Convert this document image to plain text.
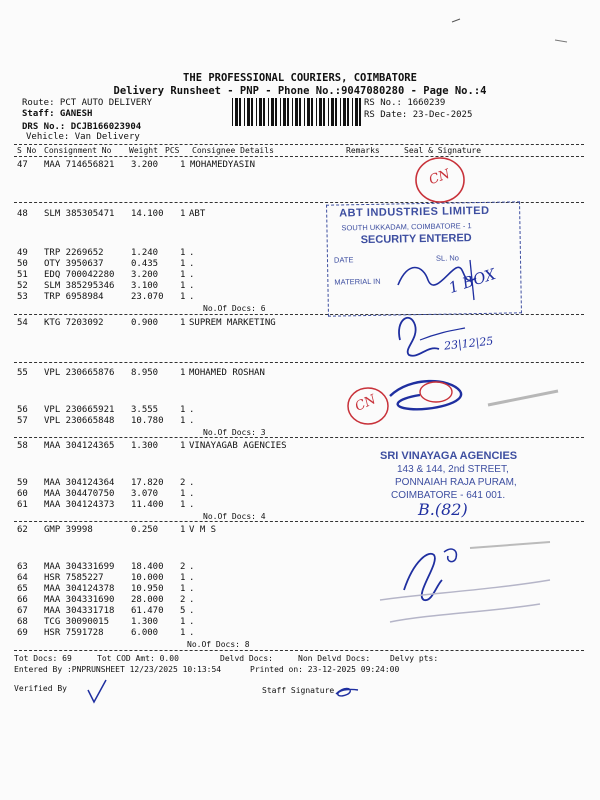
THE PROFESSIONAL COURIERS, COIMBATORE
Delivery Runsheet - PNP - Phone No.:9047080280 - Page No.:4
Route: PCT AUTO DELIVERY
Staff: GANESH
DRS No.: DCJB166023904
Vehicle: Van Delivery
RS No.: 1660239
RS Date: 23-Dec-2025
S No Consignment No Weight PCS Consignee Details	Remarks	Seal & Signature
47 MAA 714656821 3.200 1 MOHAMEDYASIN
48 SLM 385305471 14.100 1 ABT
49 TRP 2269652	1.240 1 .
50 OTY 3950637	0.435 1 .
51 EDQ 700042280 3.200 1 .
52 SLM 385295346 3.100 1 .
53 TRP 6958984	23.070 1 .
No.Of Docs: 6
54 KTG 7203092	0.900 1 SUPREM MARKETING
55 VPL 230665876 8.950 1 MOHAMED ROSHAN
56 VPL 230665921 3.555 1 .
57 VPL 230665848 10.780 1 .
No.Of Docs: 3
58 MAA 304124365 1.300 1 VINAYAGAB AGENCIES
59 MAA 304124364 17.820 2 .
60 MAA 304470750 3.070 1 .
61 MAA 304124373 11.400 1 .
No.Of Docs: 4
62 GMP 39998	0.250 1 V M S
63 MAA 304331699 18.400 2 .
64 HSR 7585227	10.000 1 .
65 MAA 304124378 10.950 1 .
66 MAA 304331690 28.000 2 .
67 MAA 304331718 61.470 5 .
68 TCG 30090015 1.300 1 .
69 HSR 7591728	6.000 1 .
No.Of Docs: 8
Tot Docs: 69	Tot COD Amt: 0.00	Delvd Docs:	Non Delvd Docs: Delvy pts:
Entered By :PNPRUNSHEET 12/23/2025 10:13:54	Printed on: 23-12-2025 09:24:00
Verified By	Staff Signature
ABT INDUSTRIES LIMITED
SOUTH UKKADAM, COIMBATORE - 1
SECURITY ENTERED
DATE	SL. No
MATERIAL IN
SRI VINAYAGA AGENCIES
143 & 144, 2nd STREET,
PONNAIAH RAJA PURAM,
COIMBATORE - 641 001.
CN
1 BOX
23|12|25
CN
B.(82)
